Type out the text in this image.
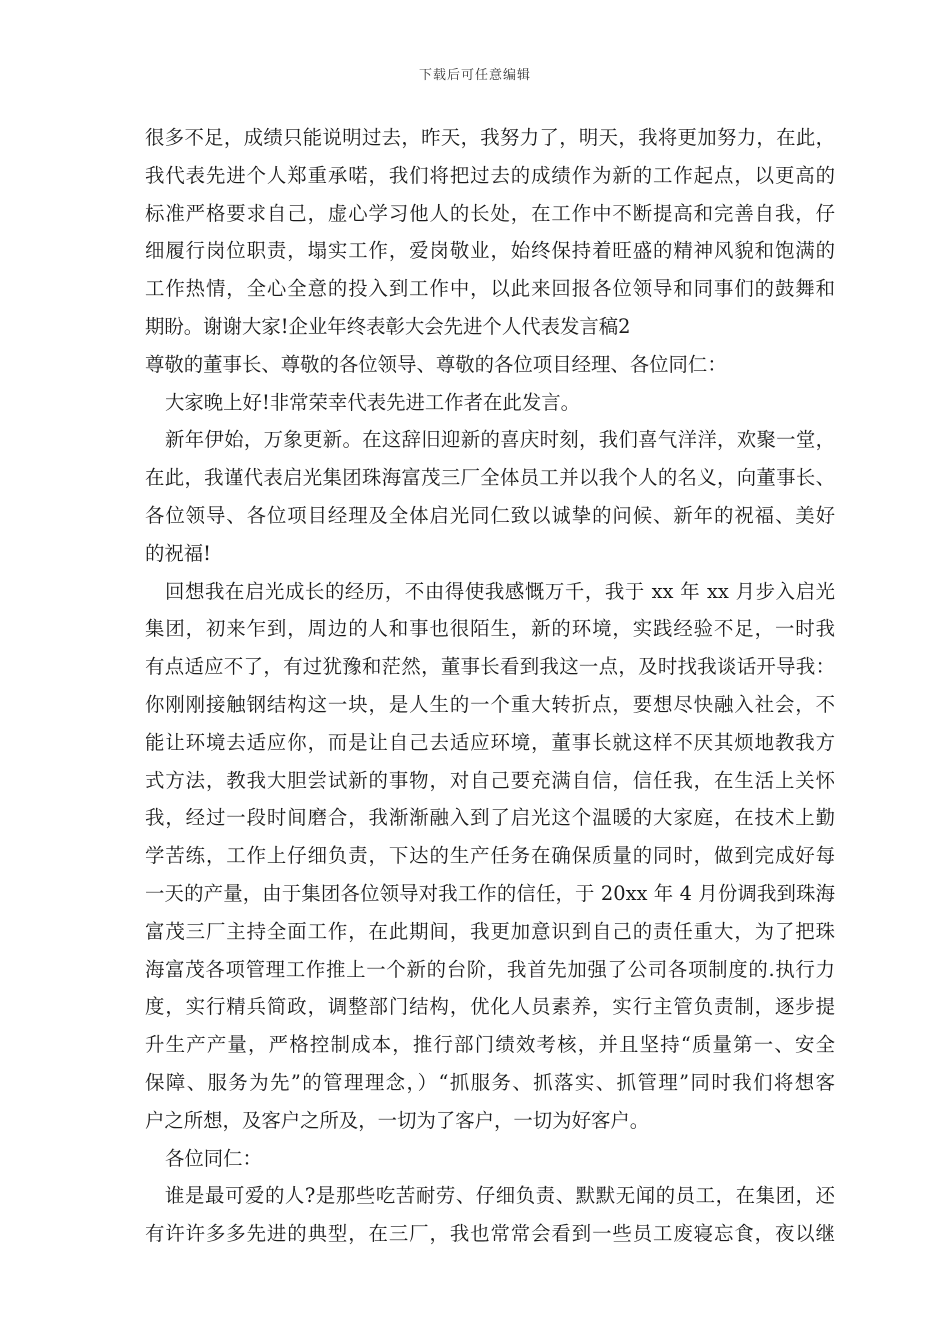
下载后可任意编辑
很多不足，成绩只能说明过去，昨天，我努力了，明天，我将更加努力，在此，
我代表先进个人郑重承喏，我们将把过去的成绩作为新的工作起点，以更高的
标准严格要求自己，虚心学习他人的长处，在工作中不断提高和完善自我，仔
细履行岗位职责，塌实工作，爱岗敬业，始终保持着旺盛的精神风貌和饱满的
工作热情，全心全意的投入到工作中，以此来回报各位领导和同事们的鼓舞和
期盼。谢谢大家!企业年终表彰大会先进个人代表发言稿2
尊敬的董事长、尊敬的各位领导、尊敬的各位项目经理、各位同仁：
大家晚上好!非常荣幸代表先进工作者在此发言。
新年伊始，万象更新。在这辞旧迎新的喜庆时刻，我们喜气洋洋，欢聚一堂，
在此，我谨代表启光集团珠海富茂三厂全体员工并以我个人的名义，向董事长、
各位领导、各位项目经理及全体启光同仁致以诚挚的问候、新年的祝福、美好
的祝福!
回想我在启光成长的经历，不由得使我感慨万千，我于 xx 年 xx 月步入启光
集团，初来乍到，周边的人和事也很陌生，新的环境，实践经验不足，一时我
有点适应不了，有过犹豫和茫然，董事长看到我这一点，及时找我谈话开导我：
你刚刚接触钢结构这一块，是人生的一个重大转折点，要想尽快融入社会，不
能让环境去适应你，而是让自己去适应环境，董事长就这样不厌其烦地教我方
式方法，教我大胆尝试新的事物，对自己要充满自信，信任我，在生活上关怀
我，经过一段时间磨合，我渐渐融入到了启光这个温暖的大家庭，在技术上勤
学苦练，工作上仔细负责，下达的生产任务在确保质量的同时，做到完成好每
一天的产量，由于集团各位领导对我工作的信任，于 20xx 年 4 月份调我到珠海
富茂三厂主持全面工作，在此期间，我更加意识到自己的责任重大，为了把珠
海富茂各项管理工作推上一个新的台阶，我首先加强了公司各项制度的.执行力
度，实行精兵简政，调整部门结构，优化人员素养，实行主管负责制，逐步提
升生产产量，严格控制成本，推行部门绩效考核，并且坚持“质量第一、安全
保障、服务为先”的管理理念，）“抓服务、抓落实、抓管理”同时我们将想客
户之所想，及客户之所及，一切为了客户，一切为好客户。
各位同仁：
谁是最可爱的人?是那些吃苦耐劳、仔细负责、默默无闻的员工，在集团，还
有许许多多先进的典型，在三厂，我也常常会看到一些员工废寝忘食，夜以继
